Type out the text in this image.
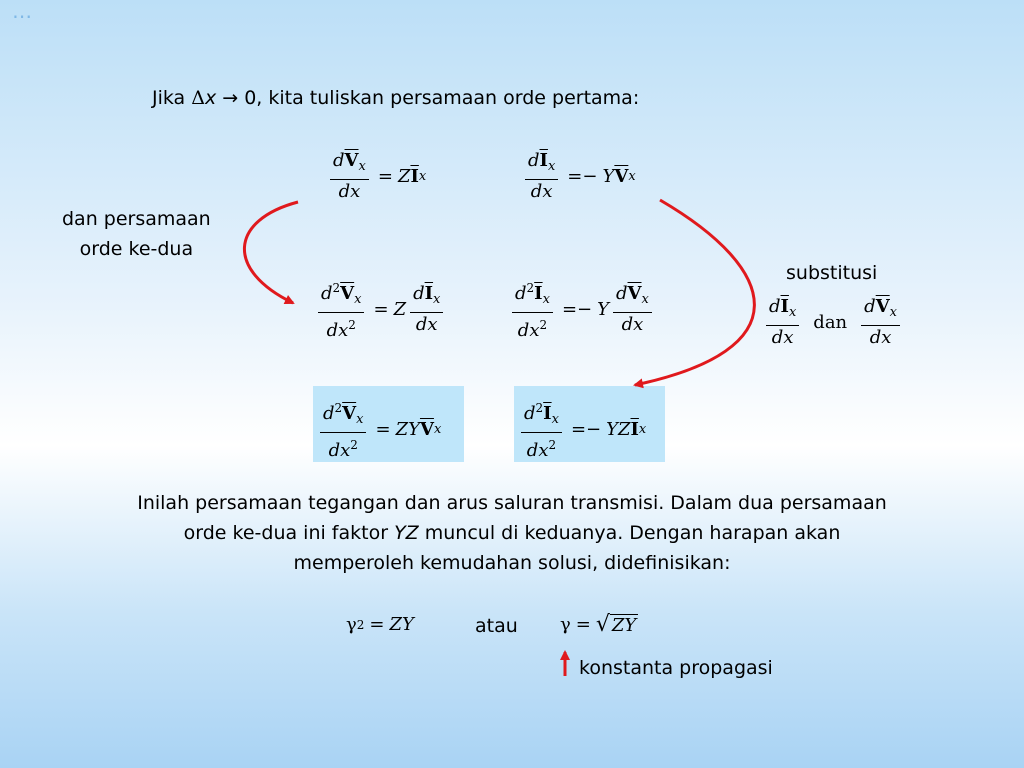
⋯
Jika Δx → 0, kita tuliskan persamaan orde pertama:
$\frac{d\overline{V}_x}{dx} = Z$ $\overline{I}$ x	$\frac{d\overline{I}_x}{dx} =- Y$ $\overline{V}$ x
dan persamaan
orde ke-dua
$\frac{d^2\overline{V}_x}{dx^2} = Z \frac{d\overline{I}_x}{dx}$	$\frac{d^2\overline{I}_x}{dx^2} =- Y \frac{d\overline{V}_x}{dx}$
substitusi
$\frac{d\overline{I}_x}{dx}$ dan $\frac{d\overline{V}_x}{dx}$
$\frac{d^2\overline{V}_x}{dx^2}$ = ZY $\overline{V}$ x	$\frac{d^2\overline{I}_x}{dx^2}$ =− YZ $\overline{I}$ x
Inilah persamaan tegangan dan arus saluran transmisi. Dalam dua persamaan
orde ke-dua ini faktor YZ muncul di keduanya. Dengan harapan akan
memperoleh kemudahan solusi, didefinisikan:
γ 2 = ZY	atau γ = √ ZY
konstanta propagasi
